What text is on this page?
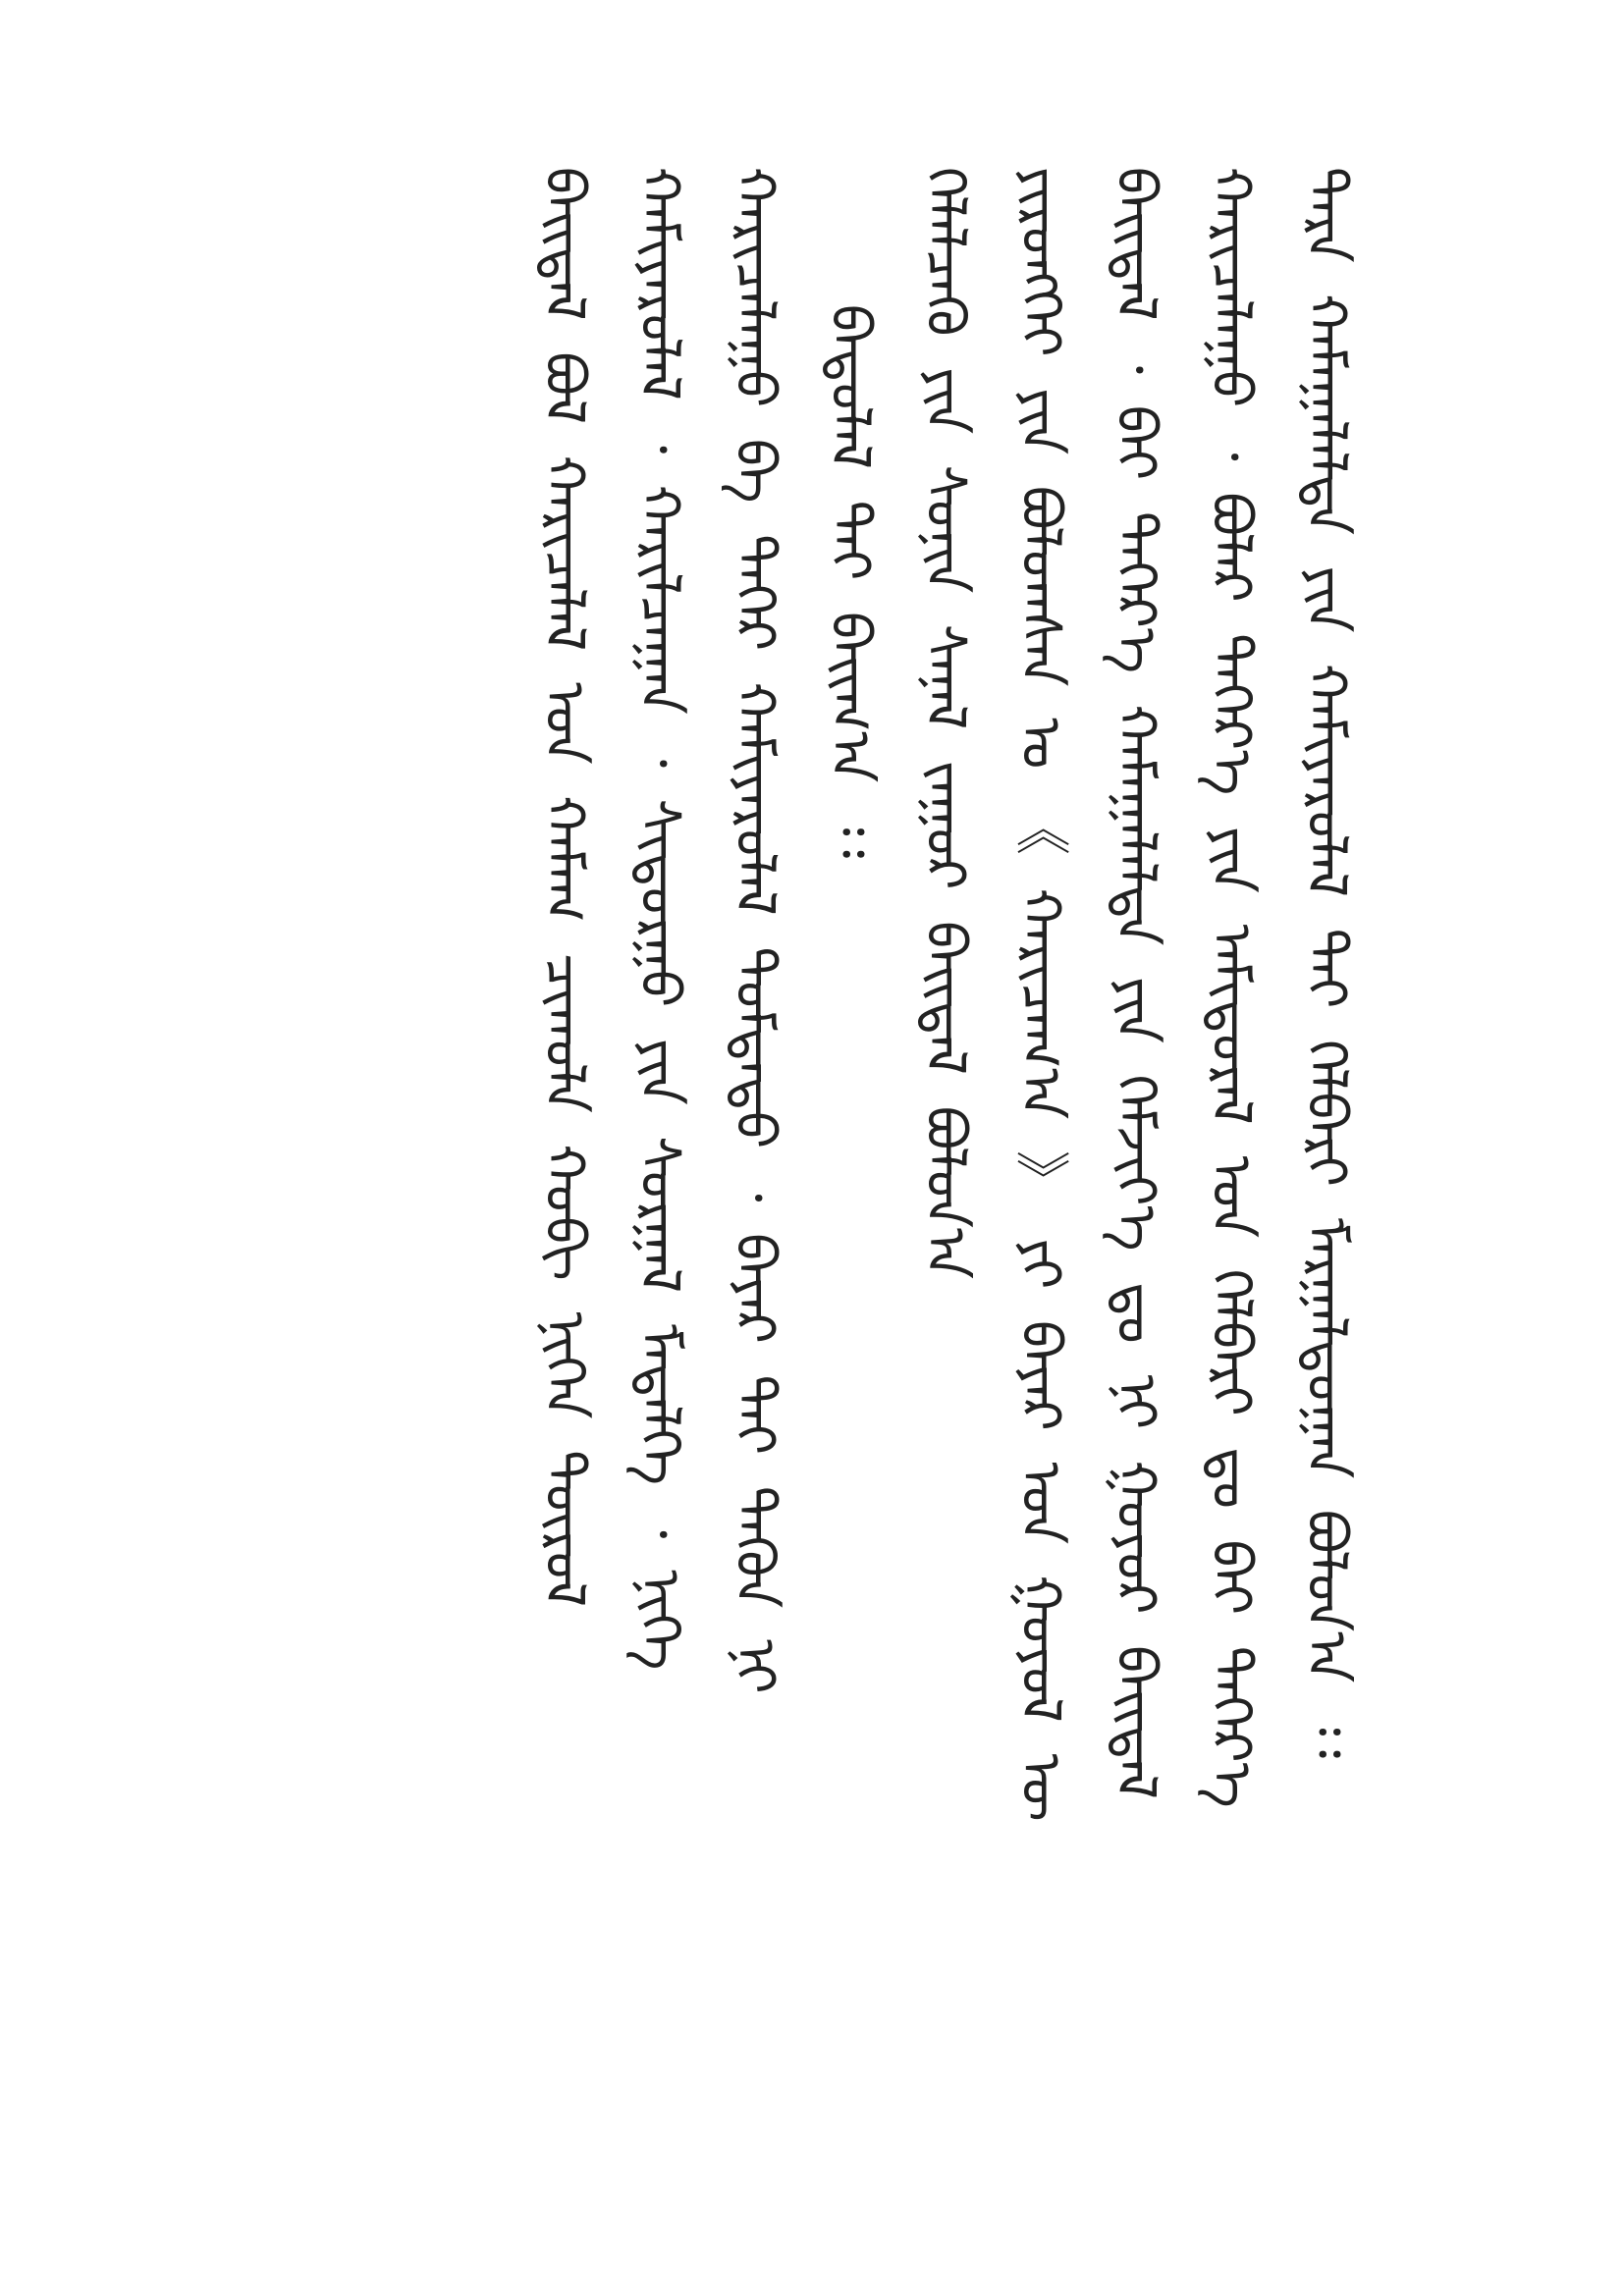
ᠲᠡᠷᠡ ᠬᠠᠮᠠᠭᠠᠯᠠᠯᠳᠠ ᠶᠢᠨ ᠬᠠᠮᠢᠶᠠᠷᠤᠯᠠᠯ ᠲᠠᠢ ᠬᠡᠯᠪᠡᠷᠢ ᠮᠠᠷᠭᠠᠯᠳᠤᠭᠠᠨ ᠪᠤᠯᠤᠨ᠎ᠠ ᠄᠄
ᠬᠠᠷᠢᠴᠠᠯᠠᠭᠤ ᠂ ᠪᠣᠯᠠᠷ ᠳᠡᠭᠡᠷ᠎ᠡ ᠶᠢᠨ ᠠᠮᠢᠳᠤᠷᠠᠯ ᠤᠨ ᠬᠡᠯᠪᠡᠷᠢ ᠳᠤ ᠪᠠᠢ ᠳᠡᠭᠡᠷ᠎ᠡ
ᠪᠠᠢᠳᠠᠯ ᠂ ᠪᠠᠢ ᠳᠡᠭᠡᠷ᠎ᠡ ᠬᠠᠮᠠᠭᠠᠯᠠᠯᠳᠠ ᠶᠢᠨ ᠬᠡᠮᠵᠢᠶ᠎ᠡ ᠳᠤ ᠨᠢ ᠭᠤᠶᠤᠷ ᠪᠠᠢᠳᠠᠯ
ᠶᠢᠷᠦᠩᠬᠡᠢ ᠶᠢᠨ ᠪᠣᠯᠣᠭᠰᠠᠨ ᠤ 《 ᠬᠠᠷᠢᠴᠠᠭ᠎ᠠ 》 ᠶᠢ ᠪᠠᠶᠠᠷ ᠤᠨ ᠭᠣᠶᠣᠯ ᠦ
ᠬᠡᠯᠡᠯᠴᠡᠬᠦ ᠶᠢᠨ ᠰᠣᠨᠢᠨ ᠰᠠᠨᠠᠯ ᠵᠠᠭᠤᠷ ᠪᠠᠢᠳᠠᠯ ᠪᠣᠯᠤᠨ᠎ᠠ
ᠪᠠᠳᠤᠯᠠᠯ ᠲᠠᠢ ᠪᠠᠢᠭ᠎ᠠ ᠄᠄
ᠬᠠᠷᠢᠴᠠᠯᠠᠭᠤ ᠪᠠ ᠲᠡᠭᠡᠷ ᠬᠠᠮᠢᠶᠠᠷᠤᠯᠠᠯ ᠳᠤᠮᠳᠠᠳᠤ ᠂ ᠪᠠᠶᠠᠷ ᠲᠠᠢ ᠲᠡᠭᠦᠨ ᠨᠢ
ᠬᠠᠮᠢᠶᠠᠷᠤᠯᠠᠯ ᠂ ᠬᠠᠷᠢᠯᠴᠠᠭᠠᠨ ᠂ ᠰᠢᠳᠤᠷᠭᠤ ᠶᠢᠨ ᠰᠤᠷᠭᠠᠯ ᠮᠡᠳᠡᠯᠭᠡ ᠂ ᠨᠢᠭᠡ
ᠪᠠᠢᠳᠠᠯ ᠪᠣᠯ ᠬᠠᠷᠢᠴᠠᠯᠠᠯ ᠤᠨ ᠬᠠᠮᠠᠭ ᠴᠢᠬᠤᠯᠠ ᠬᠤᠪᠢ ᠨᠢᠭᠡᠨ ᠲᠦᠷᠦᠯ
